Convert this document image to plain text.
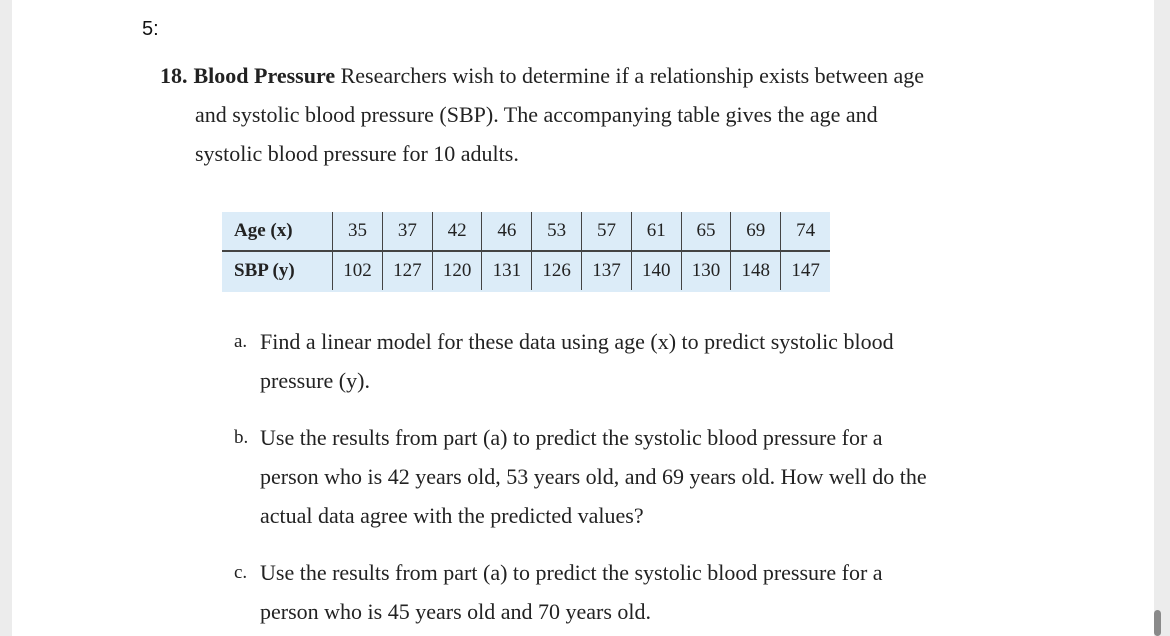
5:
18. Blood Pressure Researchers wish to determine if a relationship exists between age
and systolic blood pressure (SBP). The accompanying table gives the age and
systolic blood pressure for 10 adults.
Age (x)	35	37	42	46	53	57	61	65	69	74
SBP (y)	102	127	120	131	126	137	140	130	148	147
a. Find a linear model for these data using age (x) to predict systolic blood
pressure (y).
b. Use the results from part (a) to predict the systolic blood pressure for a
person who is 42 years old, 53 years old, and 69 years old. How well do the
actual data agree with the predicted values?
c. Use the results from part (a) to predict the systolic blood pressure for a
person who is 45 years old and 70 years old.
